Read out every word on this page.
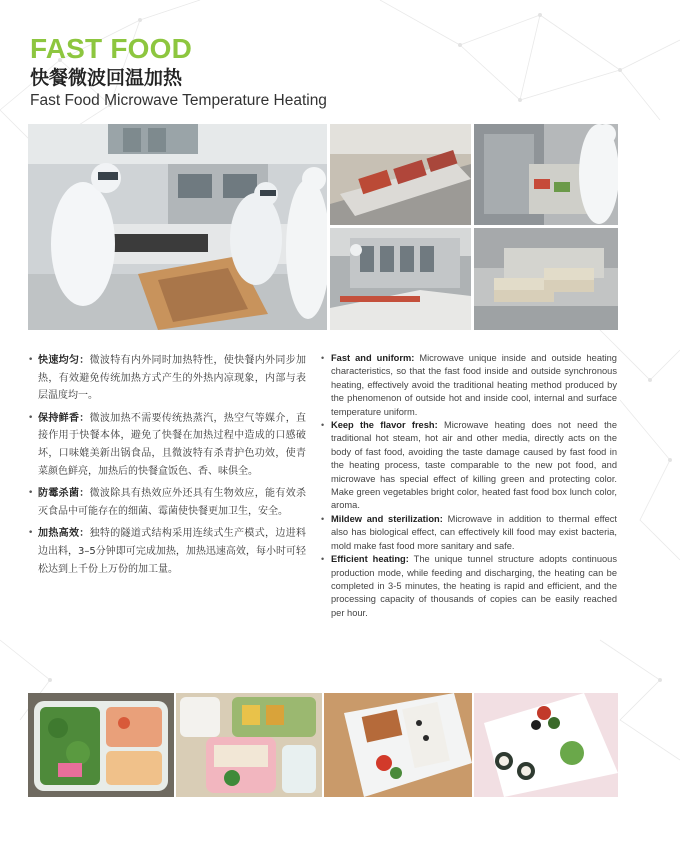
FAST FOOD
快餐微波回温加热
Fast Food Microwave Temperature Heating
• 快速均匀：微波特有内外同时加热特性，使快餐内外同步加热，有效避免传统加热方式产生的外热内凉现象，内部与表层温度均一。
• 保持鲜香：微波加热不需要传统热蒸汽，热空气等媒介，直接作用于快餐本体，避免了快餐在加热过程中造成的口感破坏，口味媲美新出锅食品，且微波特有杀青护色功效，使青菜颜色鲜亮，加热后的快餐盒饭色、香、味俱全。
• 防霉杀菌：微波除具有热效应外还具有生物效应，能有效杀灭食品中可能存在的细菌、霉菌使快餐更加卫生，安全。
• 加热高效：独特的隧道式结构采用连续式生产模式，边进料边出料，3–5分钟即可完成加热，加热迅速高效，每小时可轻松达到上千份上万份的加工量。
• Fast and uniform: Microwave unique inside and outside heating characteristics, so that the fast food inside and outside synchronous heating, effectively avoid the traditional heating method produced by the phenomenon of outside hot and inside cool, internal and surface temperature uniform.
• Keep the flavor fresh: Microwave heating does not need the traditional hot steam, hot air and other media, directly acts on the body of fast food, avoiding the taste damage caused by fast food in the heating process, taste comparable to the new pot food, and microwave has special effect of killing green and protecting color. Make green vegetables bright color, heated fast food box lunch color, aroma.
• Mildew and sterilization: Microwave in addition to thermal effect also has biological effect, can effectively kill food may exist bacteria, mold make fast food more sanitary and safe.
• Efficient heating: The unique tunnel structure adopts continuous production mode, while feeding and discharging, the heating can be completed in 3-5 minutes, the heating is rapid and efficient, and the processing capacity of thousands of copies can be easily reached per hour.
